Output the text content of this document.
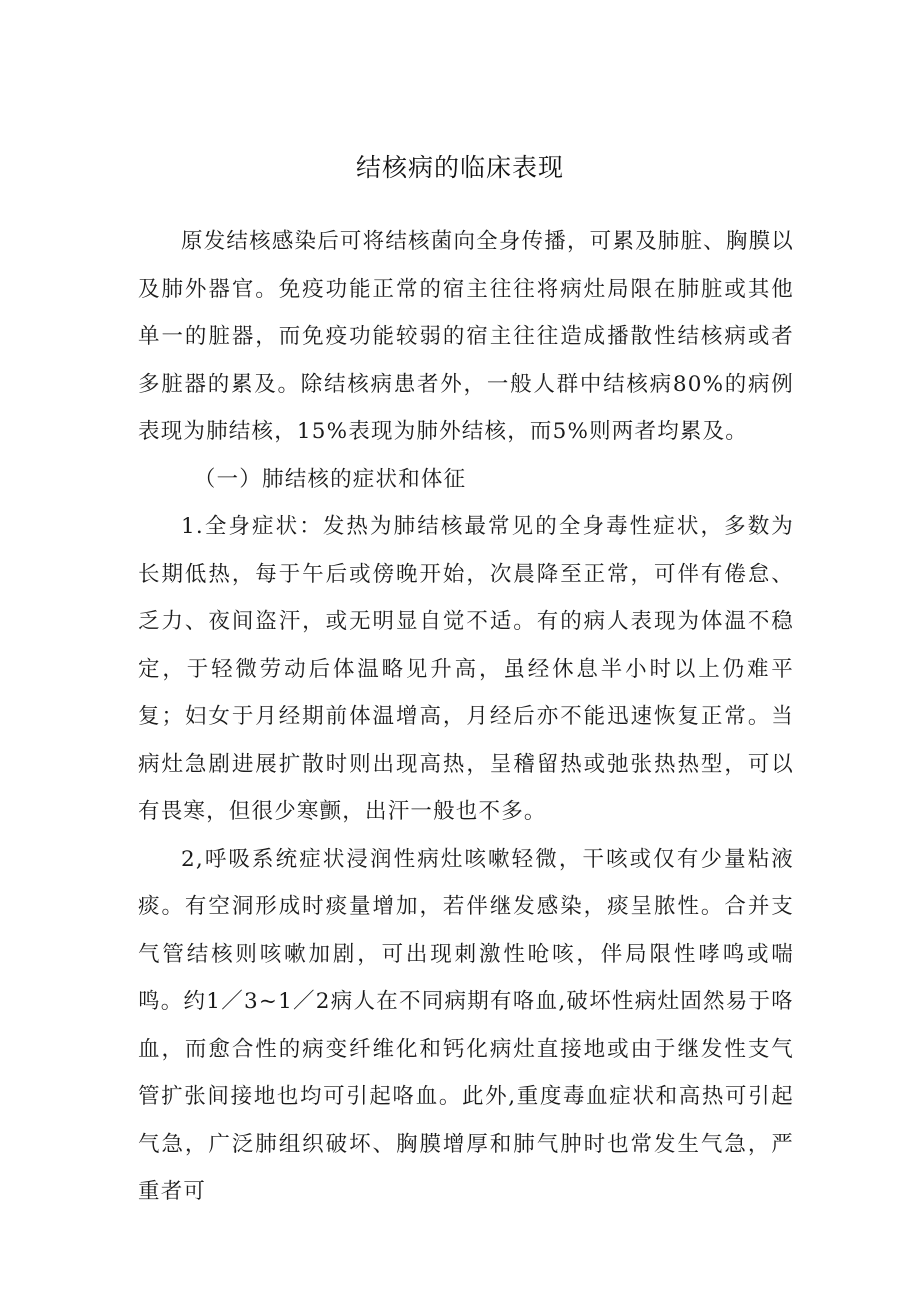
结核病的临床表现

原发结核感染后可将结核菌向全身传播，可累及肺脏、胸膜以及肺外器官。免疫功能正常的宿主往往将病灶局限在肺脏或其他单一的脏器，而免疫功能较弱的宿主往往造成播散性结核病或者多脏器的累及。除结核病患者外，一般人群中结核病80%的病例表现为肺结核，15%表现为肺外结核，而5%则两者均累及。

（一）肺结核的症状和体征

1.全身症状：发热为肺结核最常见的全身毒性症状，多数为长期低热，每于午后或傍晚开始，次晨降至正常，可伴有倦怠、乏力、夜间盗汗，或无明显自觉不适。有的病人表现为体温不稳定，于轻微劳动后体温略见升高，虽经休息半小时以上仍难平复；妇女于月经期前体温增高，月经后亦不能迅速恢复正常。当病灶急剧进展扩散时则出现高热，呈稽留热或弛张热热型，可以有畏寒，但很少寒颤，出汗一般也不多。

2,呼吸系统症状浸润性病灶咳嗽轻微，干咳或仅有少量粘液痰。有空洞形成时痰量增加，若伴继发感染，痰呈脓性。合并支气管结核则咳嗽加剧，可出现刺激性呛咳，伴局限性哮鸣或喘鸣。约1／3~1／2病人在不同病期有咯血,破坏性病灶固然易于咯血，而愈合性的病变纤维化和钙化病灶直接地或由于继发性支气管扩张间接地也均可引起咯血。此外,重度毒血症状和高热可引起气急，广泛肺组织破坏、胸膜增厚和肺气肿时也常发生气急，严重者可
